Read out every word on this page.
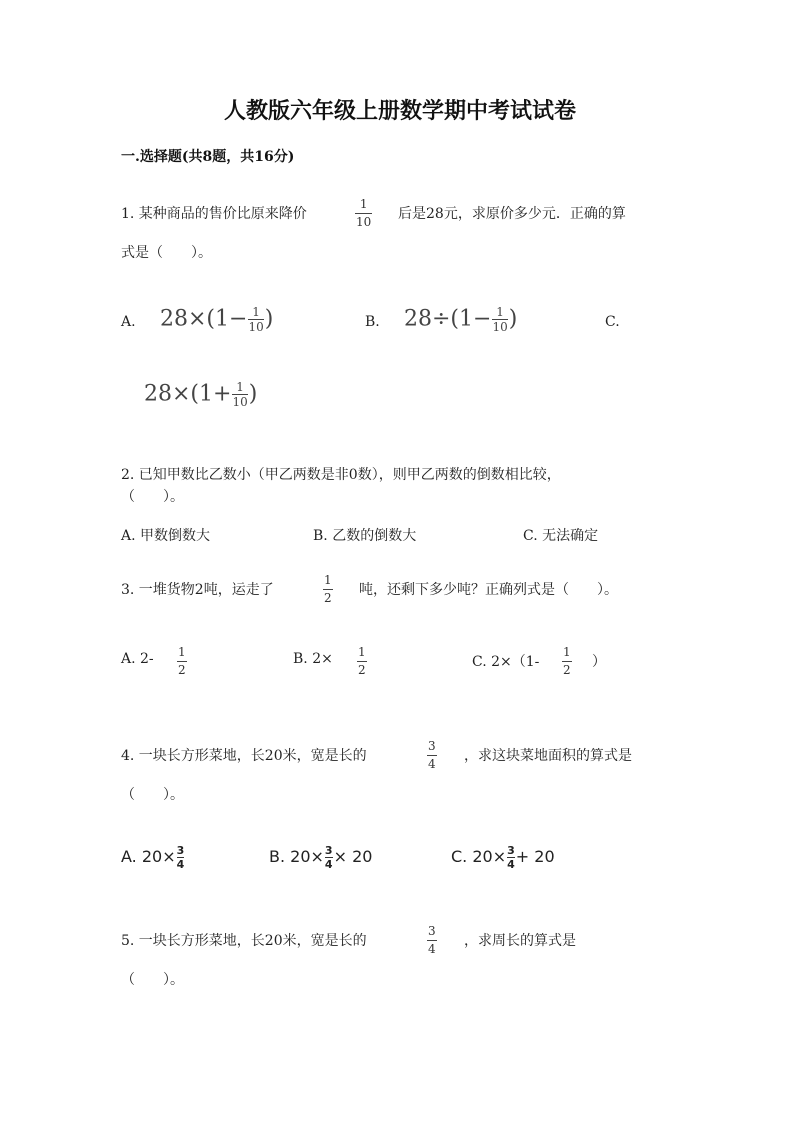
人教版六年级上册数学期中考试试卷
一.选择题(共8题，共16分)
1. 某种商品的售价比原来降价
1
10 后是28元，求原价多少元．正确的算
式是（　　）。
A. $28\times(1- \frac{1}{10}$ )	B. $28\div(1- \frac{1}{10}$ )	C.
$28\times(1+ \frac{1}{10}$ )
2. 已知甲数比乙数小（甲乙两数是非0数），则甲乙两数的倒数相比较，
（　　）。
A. 甲数倒数大	B. 乙数的倒数大	C. 无法确定
3. 一堆货物2吨，运走了
1
2 吨，还剩下多少吨？正确列式是（　　）。
A. 2- 1
2
B. 2× 1
2	C. 2×（1-
1
2 ）
4. 一块长方形菜地，长20米，宽是长的
3
4 ，求这块菜地面积的算式是
（　　）。
A. $20\times \frac{3}{4}$	B. $20\times \frac{3}{4} \times 20$	C. $20\times \frac{3}{4} + 20$
5. 一块长方形菜地，长20米，宽是长的
3
4 ，求周长的算式是
（　　）。
